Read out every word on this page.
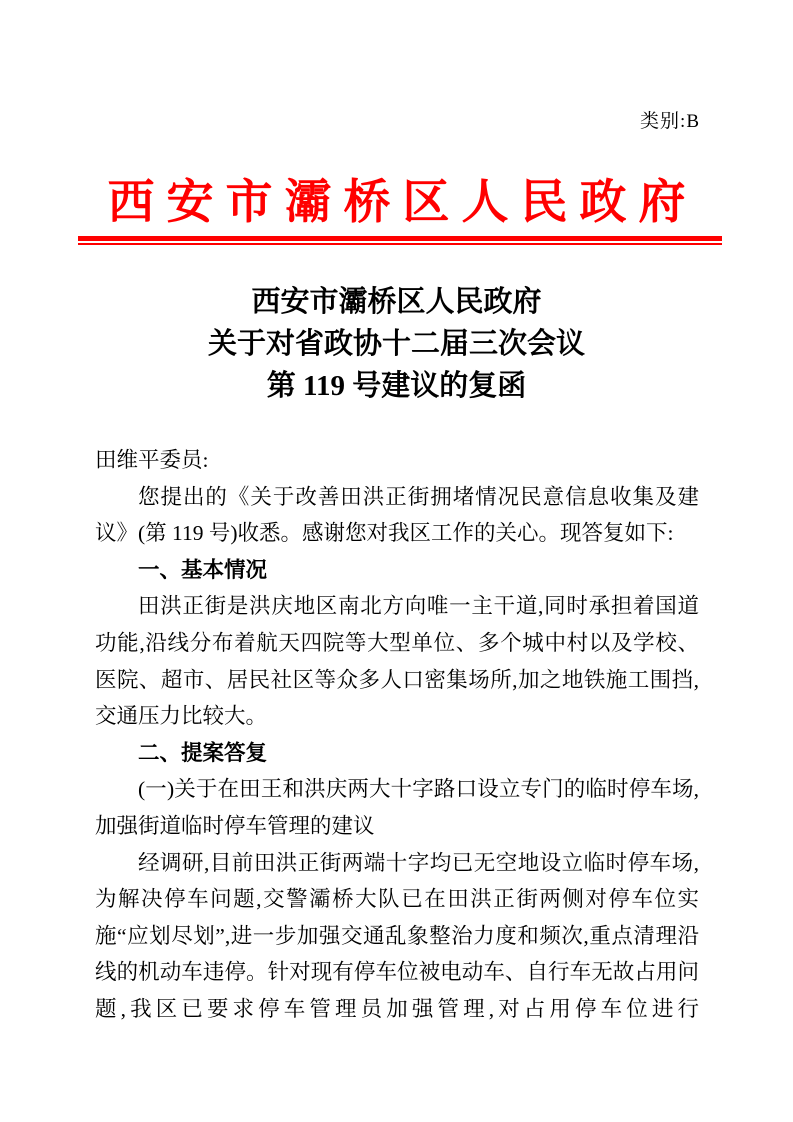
类别:B
西安市灞桥区人民政府
西安市灞桥区人民政府
关于对省政协十二届三次会议
第 119 号建议的复函

田维平委员:

您提出的《关于改善田洪正街拥堵情况民意信息收集及建议》(第 119 号)收悉。感谢您对我区工作的关心。现答复如下:

一、基本情况

田洪正街是洪庆地区南北方向唯一主干道,同时承担着国道功能,沿线分布着航天四院等大型单位、多个城中村以及学校、医院、超市、居民社区等众多人口密集场所,加之地铁施工围挡,交通压力比较大。

二、提案答复

(一)关于在田王和洪庆两大十字路口设立专门的临时停车场,加强街道临时停车管理的建议

经调研,目前田洪正街两端十字均已无空地设立临时停车场,为解决停车问题,交警灞桥大队已在田洪正街两侧对停车位实施“应划尽划”,进一步加强交通乱象整治力度和频次,重点清理沿线的机动车违停。针对现有停车位被电动车、自行车无故占用问题,我区已要求停车管理员加强管理,对占用停车位进行
